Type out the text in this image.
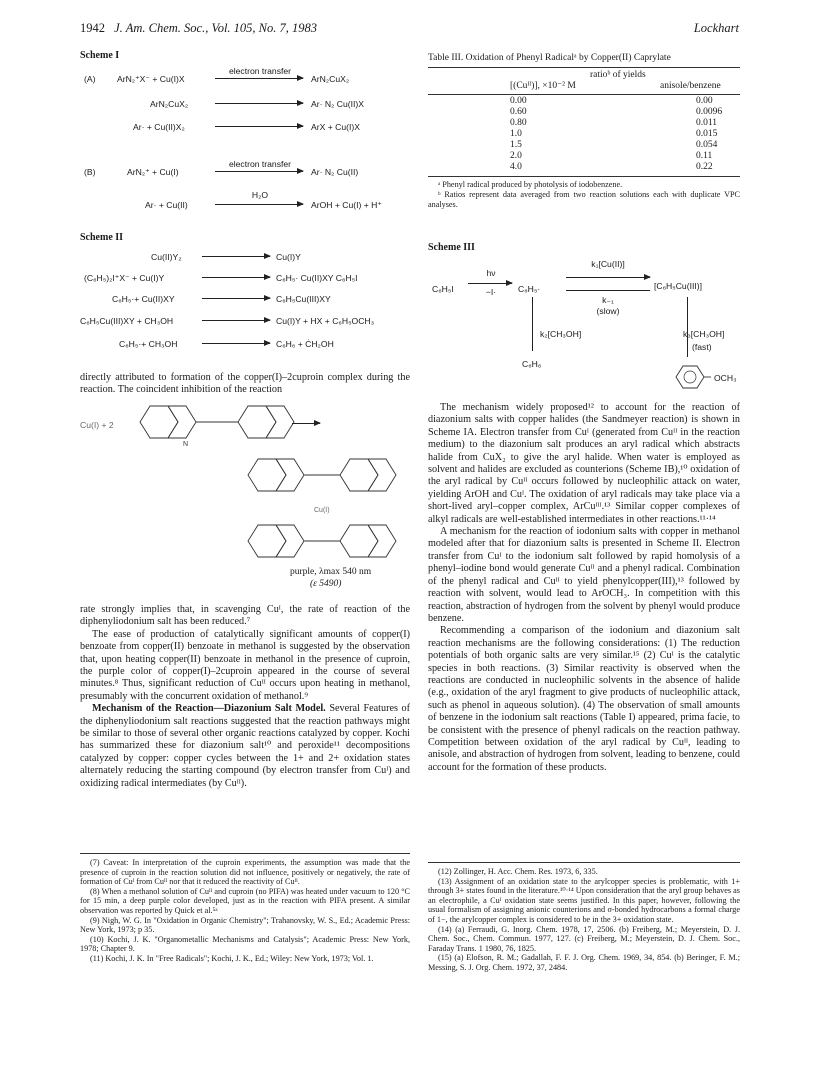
1942 J. Am. Chem. Soc., Vol. 105, No. 7, 1983	Lockhart
Scheme I
(A)	ArN₂⁺X⁻ + Cu(I)X
electron transfer
ArN₂CuX₂
ArN₂CuX₂	Ar· N₂ Cu(II)X
Ar· + Cu(II)X₂	ArX + Cu(I)X
(B)	ArN₂⁺ + Cu(I)
electron transfer
Ar· N₂ Cu(II)
H₂O
Ar· + Cu(II)	ArOH + Cu(I) + H⁺
Scheme II
Cu(II)Y₂	Cu(I)Y
(C₆H₅)₂I⁺X⁻ + Cu(I)Y	C₆H₅· Cu(II)XY C₆H₅I
C₆H₅·+ Cu(II)XY	C₆H₅Cu(III)XY
C₆H₅Cu(III)XY + CH₃OH	Cu(I)Y + HX + C₆H₅OCH₃
C₆H₅·+ CH₃OH	C₆H₆ + ĊH₂OH

directly attributed to formation of the copper(I)–2cuproin complex during the reaction. The coincident inhibition of the reaction

Cu(I) + 2
N
Cu(I)
purple, λmax 540 nm
(ε 5490)

rate strongly implies that, in scavenging Cuᴵ, the rate of reaction of the diphenyliodonium salt has been reduced.⁷

The ease of production of catalytically significant amounts of copper(I) benzoate from copper(II) benzoate in methanol is suggested by the observation that, upon heating copper(II) benzoate in methanol in the presence of cuproin, the purple color of copper(I)–2cuproin appeared in the course of several minutes.⁸ Thus, significant reduction of Cuᴵᴵ occurs upon heating in methanol, presumably with the concurrent oxidation of methanol.⁹

Mechanism of the Reaction—Diazonium Salt Model. Several Features of the diphenyliodonium salt reactions suggested that the reaction pathways might be similar to those of several other organic reactions catalyzed by copper. Kochi has summarized these for diazonium salt¹⁰ and peroxide¹¹ decompositions catalyzed by copper: copper cycles between the 1+ and 2+ oxidation states alternately reducing the starting compound (by electron transfer from Cuᴵ) and oxidizing radical intermediates (by Cuᴵᴵ).

(7) Caveat: In interpretation of the cuproin experiments, the assumption was made that the presence of cuproin in the reaction solution did not influence, positively or negatively, the rate of formation of Cuᴵ from Cuᴵᴵ nor that it reduced the reactivity of Cuᴵᴵ.

(8) When a methanol solution of Cuᴵᴵ and cuproin (no PIFA) was heated under vacuum to 120 °C for 15 min, a deep purple color developed, just as in the reaction with PIFA present. A similar observation was reported by Quick et al.⁵ᵃ

(9) Nigh, W. G. In "Oxidation in Organic Chemistry"; Trahanovsky, W. S., Ed.; Academic Press: New York, 1973; p 35.

(10) Kochi, J. K. "Organometallic Mechanisms and Catalysis"; Academic Press: New York, 1978; Chapter 9.

(11) Kochi, J. K. In "Free Radicals"; Kochi, J. K., Ed.; Wiley: New York, 1973; Vol. 1.

Table III. Oxidation of Phenyl Radicalᵃ by Copper(II) Caprylate
ratioᵇ of yields
[(Cuᴵᴵ)], ×10⁻² M	anisole/benzene
0.00	0.00
0.60	0.0096
0.80	0.011
1.0	0.015
1.5	0.054
2.0	0.11
4.0	0.22

ᵃ Phenyl radical produced by photolysis of iodobenzene.

ᵇ Ratios represent data averaged from two reaction solutions each with duplicate VPC analyses.

Scheme III
C₆H₅I
hν
−I·	C₆H₅·
k₁[Cu(II)]
k₋₁
(slow)
[C₆H₅Cu(III)]
k₂[CH₃OH]
C₆H₆
k₃[CH₃OH]
(fast)
OCH₃

The mechanism widely proposed¹² to account for the reaction of diazonium salts with copper halides (the Sandmeyer reaction) is shown in Scheme IA. Electron transfer from Cuᴵ (generated from Cuᴵᴵ in the reaction medium) to the diazonium salt produces an aryl radical which abstracts halide from CuX₂ to give the aryl halide. When water is employed as solvent and halides are excluded as counterions (Scheme IB),¹⁰ oxidation of the aryl radical by Cuᴵᴵ occurs followed by nucleophilic attack on water, yielding ArOH and Cuᴵ. The oxidation of aryl radicals may take place via a short-lived aryl–copper complex, ArCuᴵᴵᴵ.¹³ Similar copper complexes of alkyl radicals are well-established intermediates in other reactions.¹¹·¹⁴

A mechanism for the reaction of iodonium salts with copper in methanol modeled after that for diazonium salts is presented in Scheme II. Electron transfer from Cuᴵ to the iodonium salt followed by rapid homolysis of a phenyl–iodine bond would generate Cuᴵᴵ and a phenyl radical. Combination of the phenyl radical and Cuᴵᴵ to yield phenylcopper(III),¹³ followed by reaction with solvent, would lead to ArOCH₃. In competition with this reaction, abstraction of hydrogen from the solvent by phenyl would produce benzene.

Recommending a comparison of the iodonium and diazonium salt reaction mechanisms are the following considerations: (1) The reduction potentials of both organic salts are very similar.¹⁵ (2) Cuᴵ is the catalytic species in both reactions. (3) Similar reactivity is observed when the reactions are conducted in nucleophilic solvents in the absence of halide (e.g., oxidation of the aryl fragment to give products of nucleophilic attack, such as phenol in aqueous solution). (4) The observation of small amounts of benzene in the iodonium salt reactions (Table I) appeared, prima facie, to be consistent with the presence of phenyl radicals on the reaction pathway. Competition between oxidation of the aryl radical by Cuᴵᴵ, leading to anisole, and abstraction of hydrogen from solvent, leading to benzene, could account for the formation of these products.

(12) Zollinger, H. Acc. Chem. Res. 1973, 6, 335.

(13) Assignment of an oxidation state to the arylcopper species is problematic, with 1+ through 3+ states found in the literature.¹⁰·¹⁴ Upon consideration that the aryl group behaves as an electrophile, a Cuᴵ oxidation state seems justified. In this paper, however, following the usual formalism of assigning anionic counterions and σ-bonded hydrocarbons a formal charge of 1−, the arylcopper complex is considered to be in the 3+ oxidation state.

(14) (a) Ferraudi, G. Inorg. Chem. 1978, 17, 2506. (b) Freiberg, M.; Meyerstein, D. J. Chem. Soc., Chem. Commun. 1977, 127. (c) Freiberg, M.; Meyerstein, D. J. Chem. Soc., Faraday Trans. 1 1980, 76, 1825.

(15) (a) Elofson, R. M.; Gadallah, F. F. J. Org. Chem. 1969, 34, 854. (b) Beringer, F. M.; Messing, S. J. Org. Chem. 1972, 37, 2484.
